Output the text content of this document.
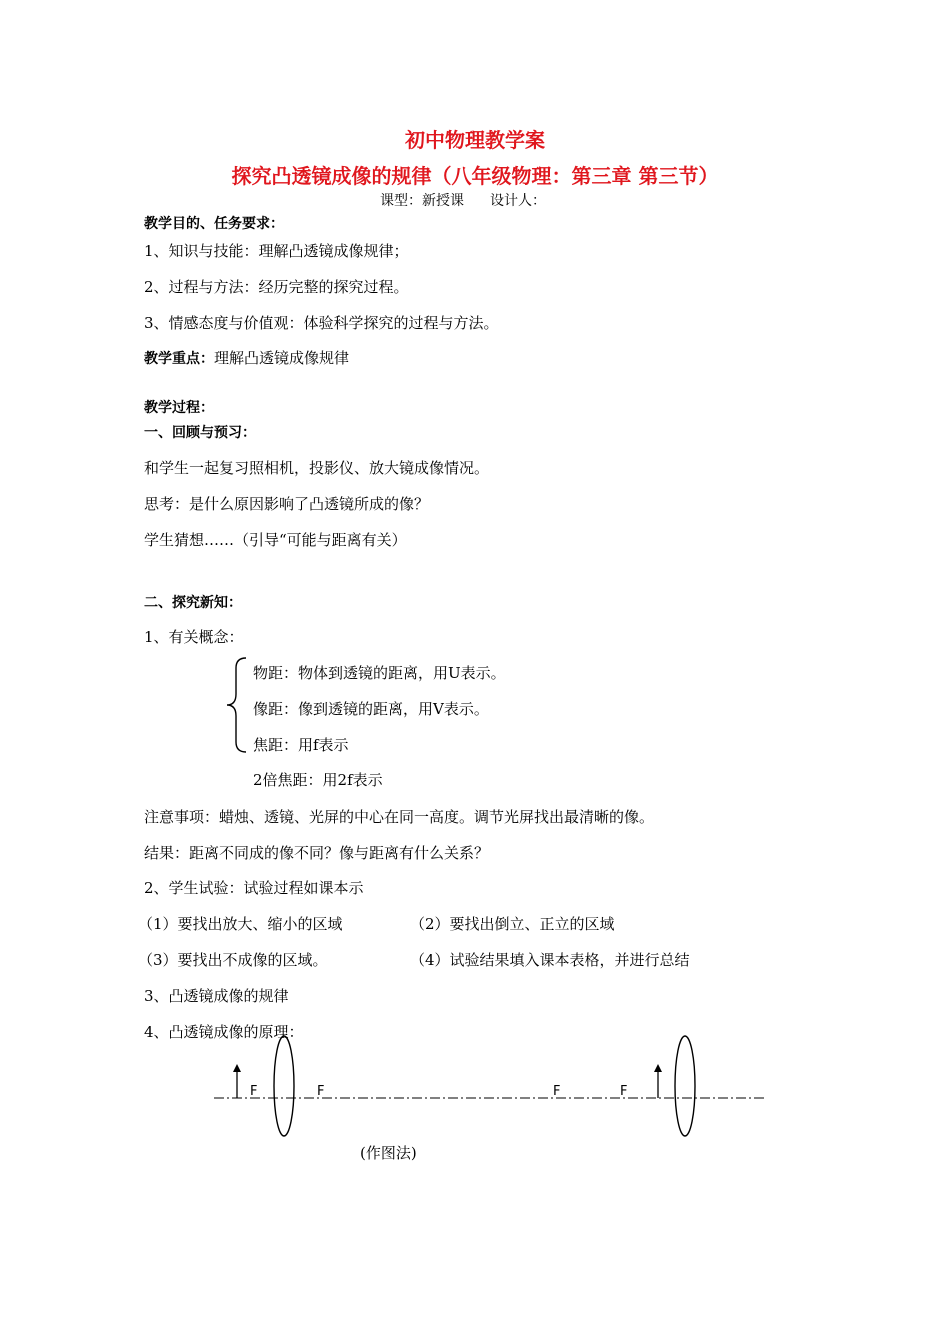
初中物理教学案
探究凸透镜成像的规律（八年级物理：第三章 第三节）
课型：新授课 设计人：
教学目的、任务要求：
1、知识与技能：理解凸透镜成像规律；
2、过程与方法：经历完整的探究过程。
3、情感态度与价值观：体验科学探究的过程与方法。
教学重点：理解凸透镜成像规律
教学过程：
一、回顾与预习：
和学生一起复习照相机，投影仪、放大镜成像情况。
思考：是什么原因影响了凸透镜所成的像？
学生猜想……（引导“可能与距离有关）
二、探究新知：
1、有关概念：
物距：物体到透镜的距离，用U表示。
像距：像到透镜的距离，用V表示。
焦距：用f表示
2倍焦距：用2f表示
注意事项：蜡烛、透镜、光屏的中心在同一高度。调节光屏找出最清晰的像。
结果：距离不同成的像不同？像与距离有什么关系？
2、学生试验：试验过程如课本示
（1）要找出放大、缩小的区域	（2）要找出倒立、正立的区域
（3）要找出不成像的区域。	（4）试验结果填入课本表格，并进行总结
3、凸透镜成像的规律
4、凸透镜成像的原理：
F	F	F	F
(作图法)
